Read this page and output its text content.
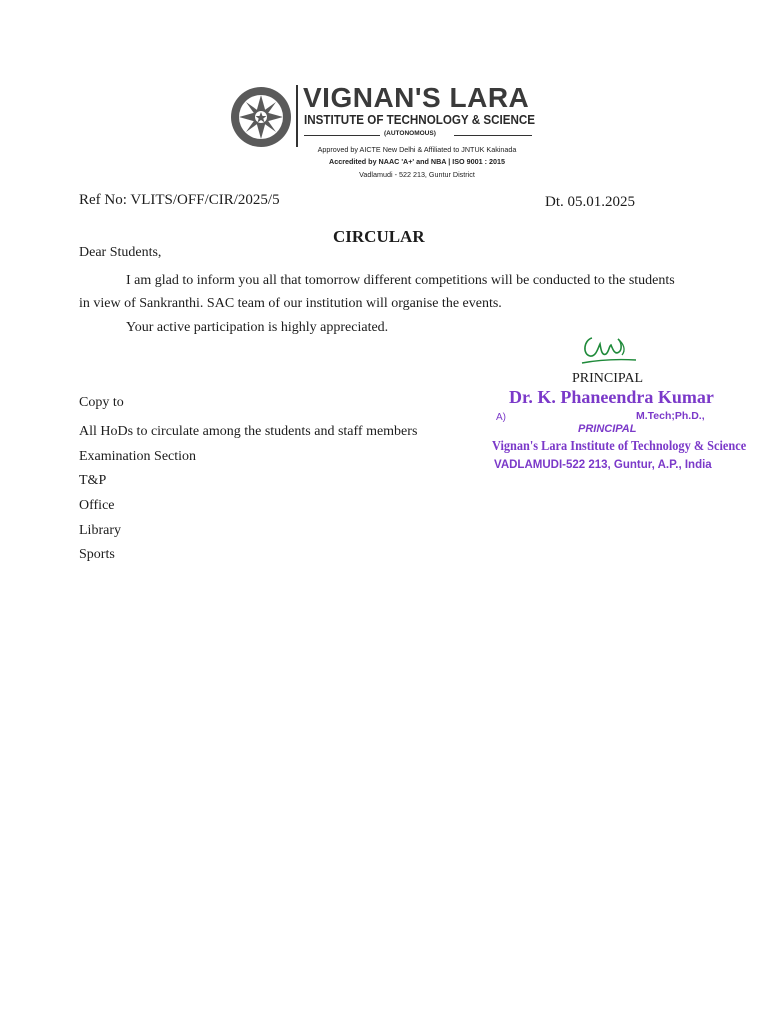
VIGNAN'S LARA
INSTITUTE OF TECHNOLOGY & SCIENCE
(AUTONOMOUS)
Approved by AICTE New Delhi & Affiliated to JNTUK Kakinada
Accredited by NAAC 'A+' and NBA | ISO 9001 : 2015
Vadlamudi - 522 213, Guntur District
Ref No: VLITS/OFF/CIR/2025/5	Dt. 05.01.2025
CIRCULAR
Dear Students,
I am glad to inform you all that tomorrow different competitions will be conducted to the students
in view of Sankranthi. SAC team of our institution will organise the events.
Your active participation is highly appreciated.
Copy to
All HoDs to circulate among the students and staff members
Examination Section
T&P
Office
Library
Sports
PRINCIPAL
Dr. K. Phaneendra Kumar
A)	M.Tech;Ph.D.,
PRINCIPAL
Vignan's Lara Institute of Technology & Science
VADLAMUDI-522 213, Guntur, A.P., India
